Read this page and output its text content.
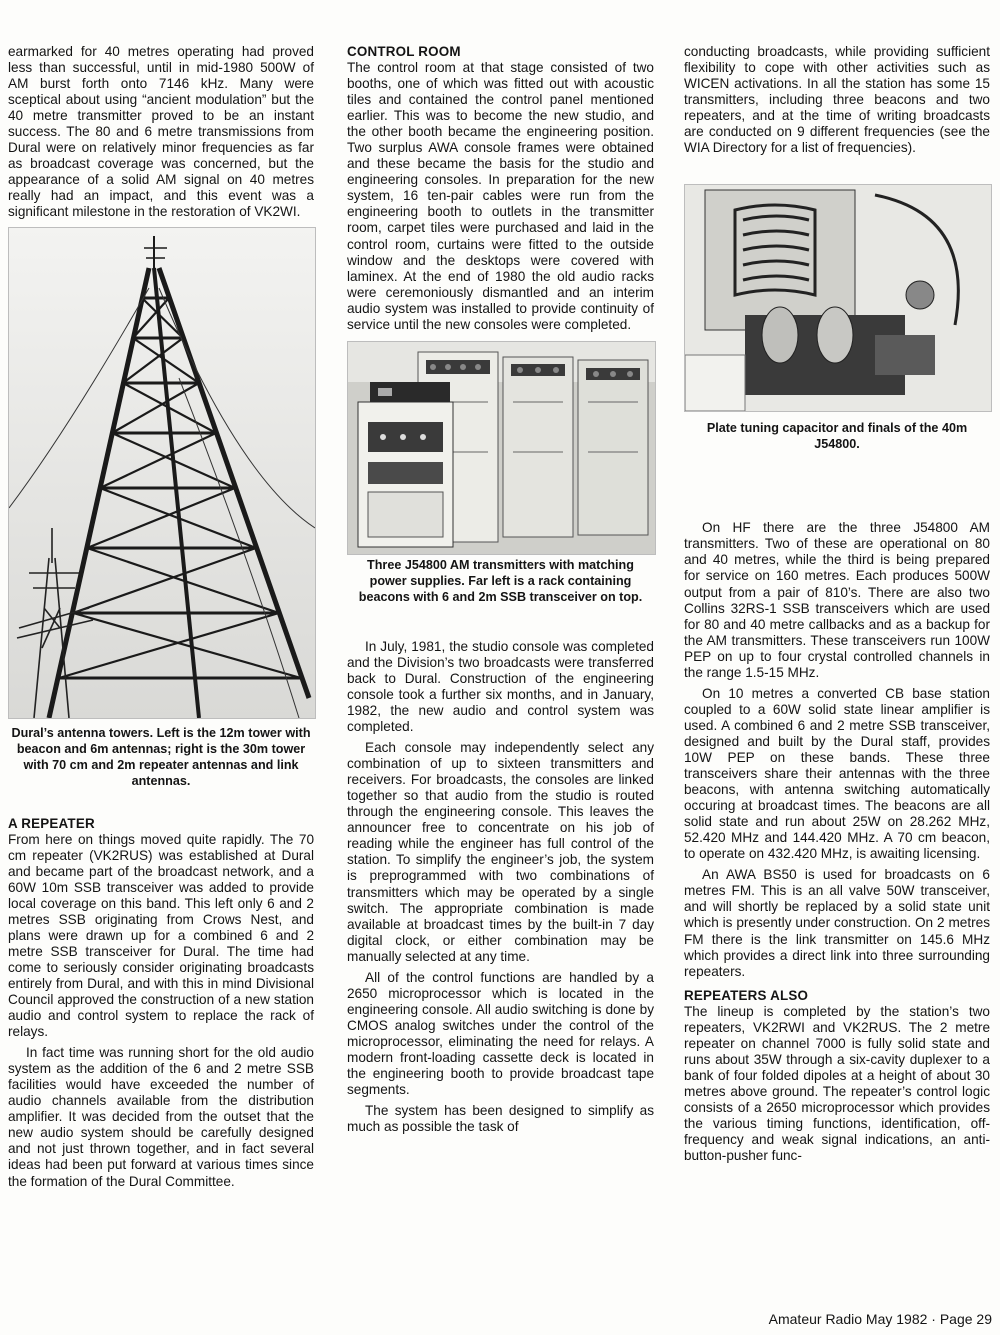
earmarked for 40 metres operating had proved less than successful, until in mid-1980 500W of AM burst forth onto 7146 kHz. Many were sceptical about using “ancient modulation” but the 40 metre transmitter proved to be an instant success. The 80 and 6 metre transmissions from Dural were on relatively minor frequencies as far as broadcast coverage was concerned, but the appearance of a solid AM signal on 40 metres really had an impact, and this event was a significant milestone in the restoration of VK2WI.

Dural’s antenna towers. Left is the 12m tower with beacon and 6m antennas; right is the 30m tower with 70 cm and 2m repeater antennas and link antennas.

A REPEATER

From here on things moved quite rapidly. The 70 cm repeater (VK2RUS) was established at Dural and became part of the broadcast network, and a 60W 10m SSB transceiver was added to provide local coverage on this band. This left only 6 and 2 metres SSB originating from Crows Nest, and plans were drawn up for a combined 6 and 2 metre SSB transceiver for Dural. The time had come to seriously consider originating broadcasts entirely from Dural, and with this in mind Divisional Council approved the construction of a new station audio and control system to replace the rack of relays.

In fact time was running short for the old audio system as the addition of the 6 and 2 metre SSB facilities would have exceeded the number of audio channels available from the distribution amplifier. It was decided from the outset that the new audio system should be carefully designed and not just thrown together, and in fact several ideas had been put forward at various times since the formation of the Dural Committee.

CONTROL ROOM

The control room at that stage consisted of two booths, one of which was fitted out with acoustic tiles and contained the control panel mentioned earlier. This was to become the new studio, and the other booth became the engineering position. Two surplus AWA console frames were obtained and these became the basis for the studio and engineering consoles. In preparation for the new system, 16 ten-pair cables were run from the engineering booth to outlets in the transmitter room, carpet tiles were purchased and laid in the control room, curtains were fitted to the outside window and the desktops were covered with laminex. At the end of 1980 the old audio racks were ceremoniously dismantled and an interim audio system was installed to provide continuity of service until the new consoles were completed.

Three J54800 AM transmitters with matching power supplies. Far left is a rack containing beacons with 6 and 2m SSB transceiver on top.

In July, 1981, the studio console was completed and the Division’s two broadcasts were transferred back to Dural. Construction of the engineering console took a further six months, and in January, 1982, the new audio and control system was completed.

Each console may independently select any combination of up to sixteen transmitters and receivers. For broadcasts, the consoles are linked together so that audio from the studio is routed through the engineering console. This leaves the announcer free to concentrate on his job of reading while the engineer has full control of the station. To simplify the engineer’s job, the system is preprogrammed with two combinations of transmitters which may be operated by a single switch. The appropriate combination is made available at broadcast times by the built-in 7 day digital clock, or either combination may be manually selected at any time.

All of the control functions are handled by a 2650 microprocessor which is located in the engineering console. All audio switching is done by CMOS analog switches under the control of the microprocessor, eliminating the need for relays. A modern front-loading cassette deck is located in the engineering booth to provide broadcast tape segments.

The system has been designed to simplify as much as possible the task of

conducting broadcasts, while providing sufficient flexibility to cope with other activities such as WICEN activations. In all the station has some 15 transmitters, including three beacons and two repeaters, and at the time of writing broadcasts are conducted on 9 different frequencies (see the WIA Directory for a list of frequencies).

Plate tuning capacitor and finals of the 40m J54800.

On HF there are the three J54800 AM transmitters. Two of these are operational on 80 and 40 metres, while the third is being prepared for service on 160 metres. Each produces 500W output from a pair of 810’s. There are also two Collins 32RS-1 SSB transceivers which are used for 80 and 40 metre callbacks and as a backup for the AM transmitters. These transceivers run 100W PEP on up to four crystal controlled channels in the range 1.5-15 MHz.

On 10 metres a converted CB base station coupled to a 60W solid state linear amplifier is used. A combined 6 and 2 metre SSB transceiver, designed and built by the Dural staff, provides 10W PEP on these bands. These three transceivers share their antennas with the three beacons, with antenna switching automatically occuring at broadcast times. The beacons are all solid state and run about 25W on 28.262 MHz, 52.420 MHz and 144.420 MHz. A 70 cm beacon, to operate on 432.420 MHz, is awaiting licensing.

An AWA BS50 is used for broadcasts on 6 metres FM. This is an all valve 50W transceiver, and will shortly be replaced by a solid state unit which is presently under construction. On 2 metres FM there is the link transmitter on 145.6 MHz which provides a direct link into three surrounding repeaters.

REPEATERS ALSO

The lineup is completed by the station’s two repeaters, VK2RWI and VK2RUS. The 2 metre repeater on channel 7000 is fully solid state and runs about 35W through a six-cavity duplexer to a bank of four folded dipoles at a height of about 30 metres above ground. The repeater’s control logic consists of a 2650 microprocessor which provides the various timing functions, identification, off-frequency and weak signal indications, an anti-button-pusher func-

Amateur Radio May 1982 · Page 29
